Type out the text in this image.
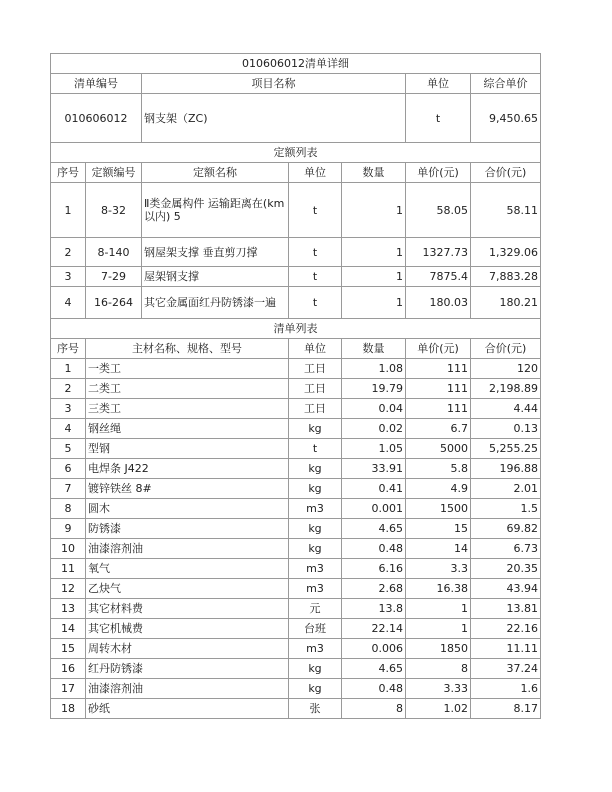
010606012清单详细						
清单编号		项目名称			单位	综合单价
010606012		钢支架（ZC)			t	9,450.65
定额列表						
序号	定额编号	定额名称	单位	数量	单价(元)	合价(元)
1	8-32	Ⅱ类金属构件 运输距离在(km以内) 5	t	1	58.05	58.11
2	8-140	钢屋架支撑 垂直剪刀撑	t	1	1327.73	1,329.06
3	7-29	屋架钢支撑	t	1	7875.4	7,883.28
4	16-264	其它金属面红丹防锈漆一遍	t	1	180.03	180.21
清单列表						
序号	主材名称、规格、型号		单位	数量	单价(元)	合价(元)
1	一类工		工日	1.08	111	120
2	二类工		工日	19.79	111	2,198.89
3	三类工		工日	0.04	111	4.44
4	钢丝绳		kg	0.02	6.7	0.13
5	型钢		t	1.05	5000	5,255.25
6	电焊条 J422		kg	33.91	5.8	196.88
7	镀锌铁丝 8#		kg	0.41	4.9	2.01
8	圆木		m3	0.001	1500	1.5
9	防锈漆		kg	4.65	15	69.82
10	油漆溶剂油		kg	0.48	14	6.73
11	氧气		m3	6.16	3.3	20.35
12	乙炔气		m3	2.68	16.38	43.94
13	其它材料费		元	13.8	1	13.81
14	其它机械费		台班	22.14	1	22.16
15	周转木材		m3	0.006	1850	11.11
16	红丹防锈漆		kg	4.65	8	37.24
17	油漆溶剂油		kg	0.48	3.33	1.6
18	砂纸		张	8	1.02	8.17
